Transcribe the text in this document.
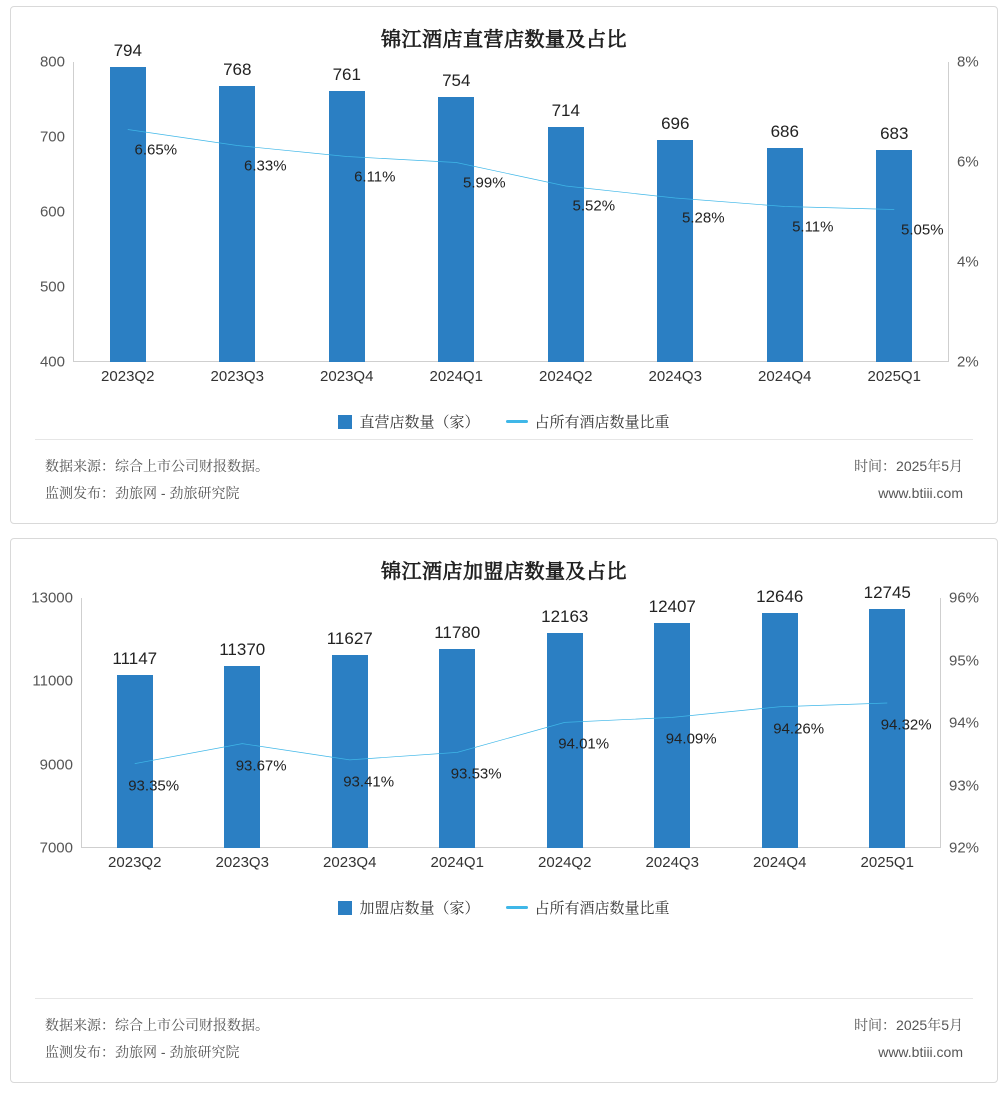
锦江酒店直营店数量及占比
794
768	761	754
714
696	686	683
400
500
600
700
800
2%
4%
6%
8%
6.65%
6.33%
6.11%	5.99%
5.52%
5.28%	5.11%	5.05%
2023Q2	2023Q3	2023Q4	2024Q1	2024Q2	2024Q3	2024Q4	2025Q1
直营店数量（家）	占所有酒店数量比重
数据来源：综合上市公司财报数据。
监测发布：劲旅网 - 劲旅研究院
时间：2025年5月
www.btiii.com
锦江酒店加盟店数量及占比
11147	11370
11627	11780
12163
12407
12646	12745
7000
9000
11000
13000
92%
93%
94%
95%
96%
93.35%
93.67%
93.41%	93.53%
94.01%	94.09%
94.26%	94.32%
2023Q2	2023Q3	2023Q4	2024Q1	2024Q2	2024Q3	2024Q4	2025Q1
加盟店数量（家）	占所有酒店数量比重
数据来源：综合上市公司财报数据。
监测发布：劲旅网 - 劲旅研究院
时间：2025年5月
www.btiii.com
